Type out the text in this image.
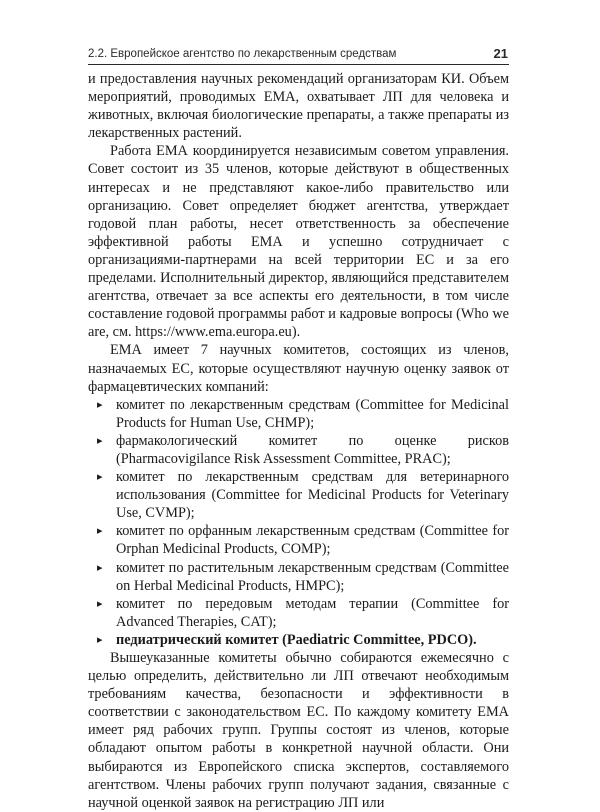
2.2. Европейское агентство по лекарственным средствам	21

и предоставления научных рекомендаций организаторам КИ. Объем мероприятий, проводимых ЕМА, охватывает ЛП для человека и животных, включая биологические препараты, а также препараты из лекарственных растений.

Работа ЕМА координируется независимым советом управления. Совет состоит из 35 членов, которые действуют в общественных интересах и не представляют какое-либо правительство или организацию. Совет определяет бюджет агентства, утверждает годовой план работы, несет ответственность за обеспечение эффективной работы ЕМА и успешно сотрудничает с организациями-партнерами на всей территории ЕС и за его пределами. Исполнительный директор, являющийся представителем агентства, отвечает за все аспекты его деятельности, в том числе составление годовой программы работ и кадровые вопросы (Who we are, см. https://www.ema.europa.eu).

ЕМА имеет 7 научных комитетов, состоящих из членов, назначаемых ЕС, которые осуществляют научную оценку заявок от фармацевтических компаний:

▸ комитет по лекарственным средствам (Committee for Medicinal Products for Human Use, CHMP);
▸ фармакологический комитет по оценке рисков (Pharmacovigilance Risk Assessment Committee, PRAC);
▸ комитет по лекарственным средствам для ветеринарного использования (Committee for Medicinal Products for Veterinary Use, CVMP);
▸ комитет по орфанным лекарственным средствам (Committee for Orphan Medicinal Products, COMP);
▸ комитет по растительным лекарственным средствам (Committee on Herbal Medicinal Products, HMPC);
▸ комитет по передовым методам терапии (Committee for Advanced Therapies, CAT);
▸ педиатрический комитет (Paediatric Committee, PDCO).

Вышеуказанные комитеты обычно собираются ежемесячно с целью определить, действительно ли ЛП отвечают необходимым требованиям качества, безопасности и эффективности в соответствии с законодательством ЕС. По каждому комитету ЕМА имеет ряд рабочих групп. Группы состоят из членов, которые обладают опытом работы в конкретной научной области. Они выбираются из Европейского списка экспертов, составляемого агентством. Члены рабочих групп получают задания, связанные с научной оценкой заявок на регистрацию ЛП или
